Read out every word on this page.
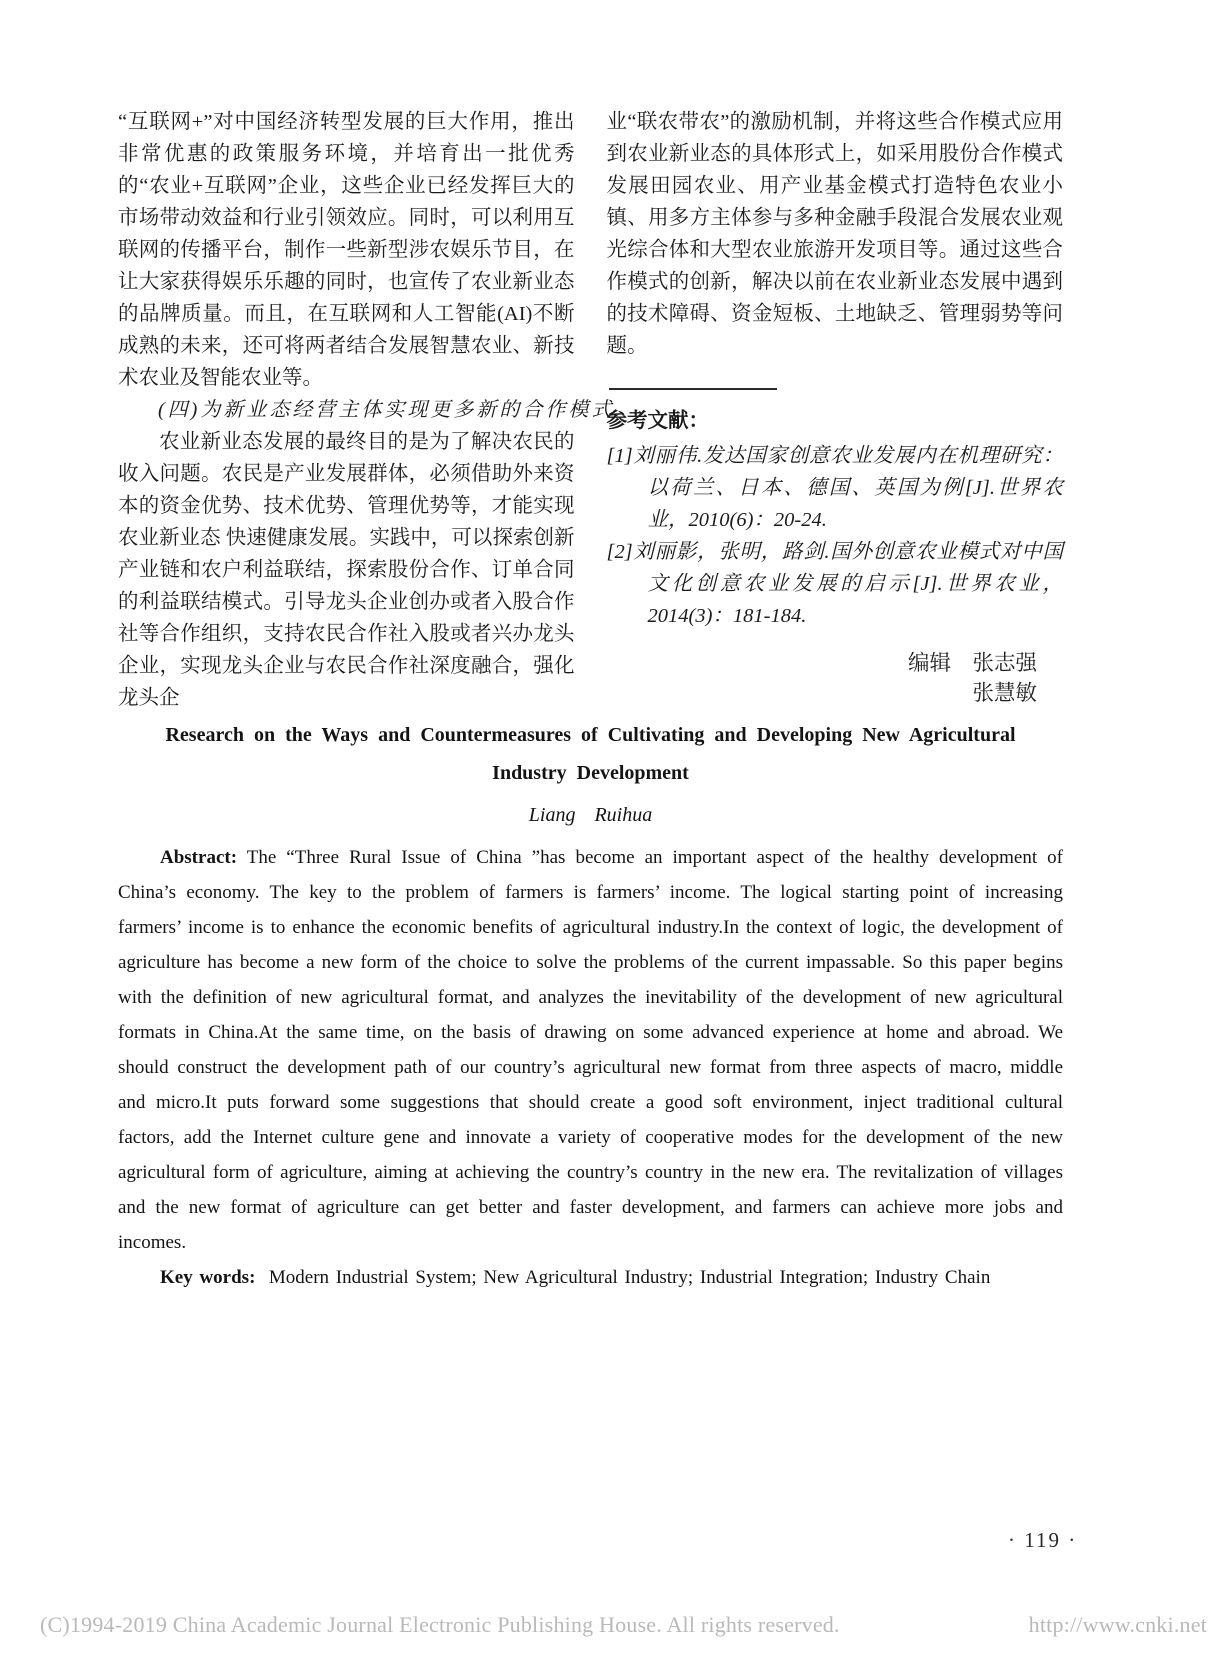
“互联网+”对中国经济转型发展的巨大作用，推出非常优惠的政策服务环境，并培育出一批优秀的“农业+互联网”企业，这些企业已经发挥巨大的市场带动效益和行业引领效应。同时，可以利用互联网的传播平台，制作一些新型涉农娱乐节目，在让大家获得娱乐乐趣的同时，也宣传了农业新业态的品牌质量。而且，在互联网和人工智能(AI)不断成熟的未来，还可将两者结合发展智慧农业、新技术农业及智能农业等。

(四)为新业态经营主体实现更多新的合作模式

农业新业态发展的最终目的是为了解决农民的收入问题。农民是产业发展群体，必须借助外来资本的资金优势、技术优势、管理优势等，才能实现农业新业态 快速健康发展。实践中，可以探索创新产业链和农户利益联结，探索股份合作、订单合同的利益联结模式。引导龙头企业创办或者入股合作社等合作组织，支持农民合作社入股或者兴办龙头企业，实现龙头企业与农民合作社深度融合，强化龙头企

业“联农带农”的激励机制，并将这些合作模式应用到农业新业态的具体形式上，如采用股份合作模式发展田园农业、用产业基金模式打造特色农业小镇、用多方主体参与多种金融手段混合发展农业观光综合体和大型农业旅游开发项目等。通过这些合作模式的创新，解决以前在农业新业态发展中遇到的技术障碍、资金短板、土地缺乏、管理弱势等问题。

参考文献：

[1]刘丽伟.发达国家创意农业发展内在机理研究：以荷兰、日本、德国、英国为例[J].世界农业，2010(6)：20-24.

[2]刘丽影，张明，路剑.国外创意农业模式对中国文化创意农业发展的启示[J].世界农业，2014(3)：181-184.

编辑 张志强
张慧敏
Research on the Ways and Countermeasures of Cultivating and Developing New Agricultural
Industry Development
Liang Ruihua

Abstract: The “Three Rural Issue of China ”has become an important aspect of the healthy development of China’s economy. The key to the problem of farmers is farmers’ income. The logical starting point of increasing farmers’ income is to enhance the economic benefits of agricultural industry.In the context of logic, the development of agriculture has become a new form of the choice to solve the problems of the current impassable. So this paper begins with the definition of new agricultural format, and analyzes the inevitability of the development of new agricultural formats in China.At the same time, on the basis of drawing on some advanced experience at home and abroad. We should construct the development path of our country’s agricultural new format from three aspects of macro, middle and micro.It puts forward some suggestions that should create a good soft environment, inject traditional cultural factors, add the Internet culture gene and innovate a variety of cooperative modes for the development of the new agricultural form of agriculture, aiming at achieving the country’s country in the new era. The revitalization of villages and the new format of agriculture can get better and faster development, and farmers can achieve more jobs and incomes.

Key words: Modern Industrial System; New Agricultural Industry; Industrial Integration; Industry Chain

· 119 ·
(C)1994-2019 China Academic Journal Electronic Publishing House. All rights reserved.	http://www.cnki.net
